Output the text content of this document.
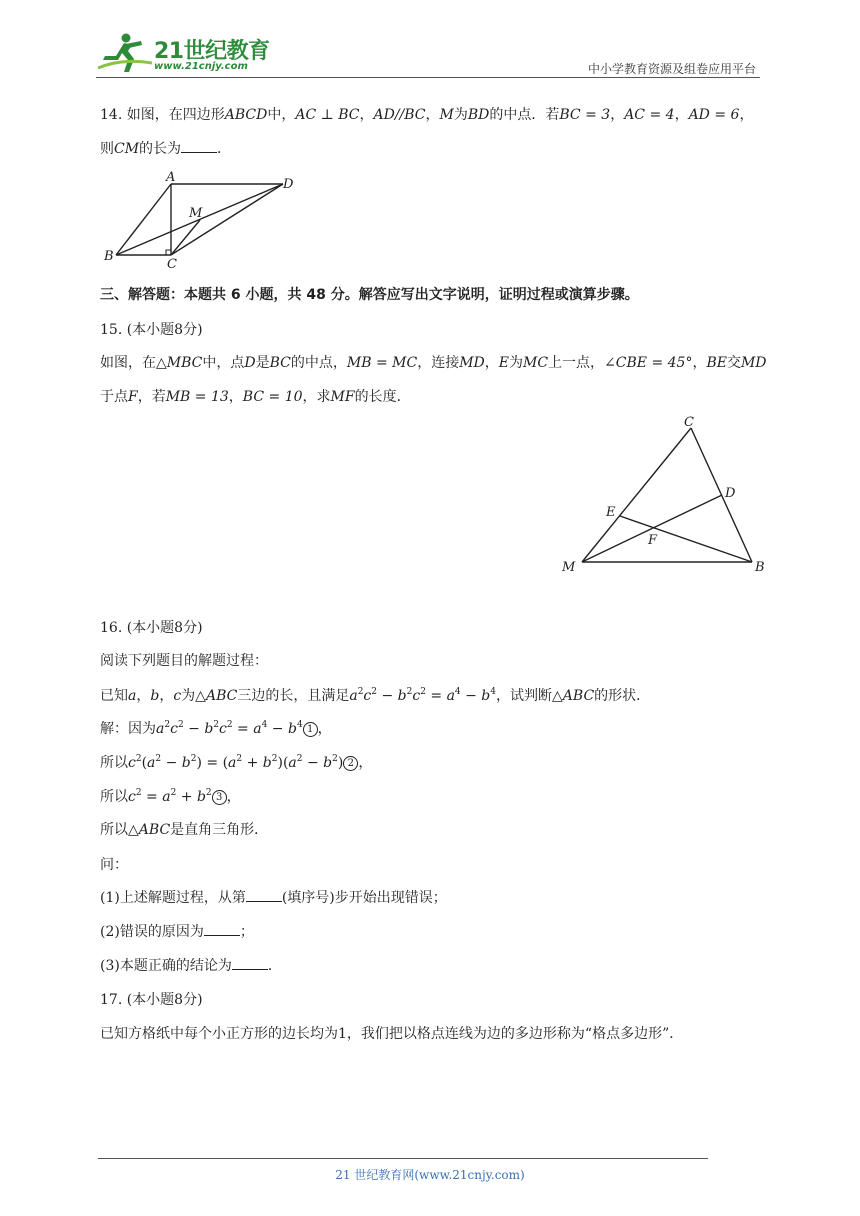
21世纪教育
www.21cnjy.com	中小学教育资源及组卷应用平台
14. 如图，在四边形ABCD中，AC ⊥ BC，AD//BC，M为BD的中点．若BC = 3，AC = 4，AD = 6，
则CM的长为	．
A	D
M
B
C
三、解答题：本题共 6 小题，共 48 分。解答应写出文字说明，证明过程或演算步骤。
15. (本小题8分)
如图，在△MBC中，点D是BC的中点，MB = MC，连接MD，E为MC上一点，∠CBE = 45°，BE交MD
于点F，若MB = 13，BC = 10，求MF的长度．
C
D
E
F
M	B
16. (本小题8分)
阅读下列题目的解题过程：
已知a，b，c为△ABC三边的长，且满足$a^2c^2 - b^2c^2 = a^4 - b^4$，试判断△ABC的形状．
解：因为$a^2c^2 - b^2c^2 = a^4 - b^4$ 1 ，
所以$c^2(a^2 - b^2) = (a^2 + b^2)(a^2 - b^2)$ 2 ，
所以$c^2 = a^2 + b^2$ 3 ，
所以△ABC是直角三角形．
问：
(1)上述解题过程，从第	(填序号)步开始出现错误；
(2)错误的原因为	；
(3)本题正确的结论为	．
17. (本小题8分)
已知方格纸中每个小正方形的边长均为1，我们把以格点连线为边的多边形称为“格点多边形”．
21 世纪教育网(www.21cnjy.com)
